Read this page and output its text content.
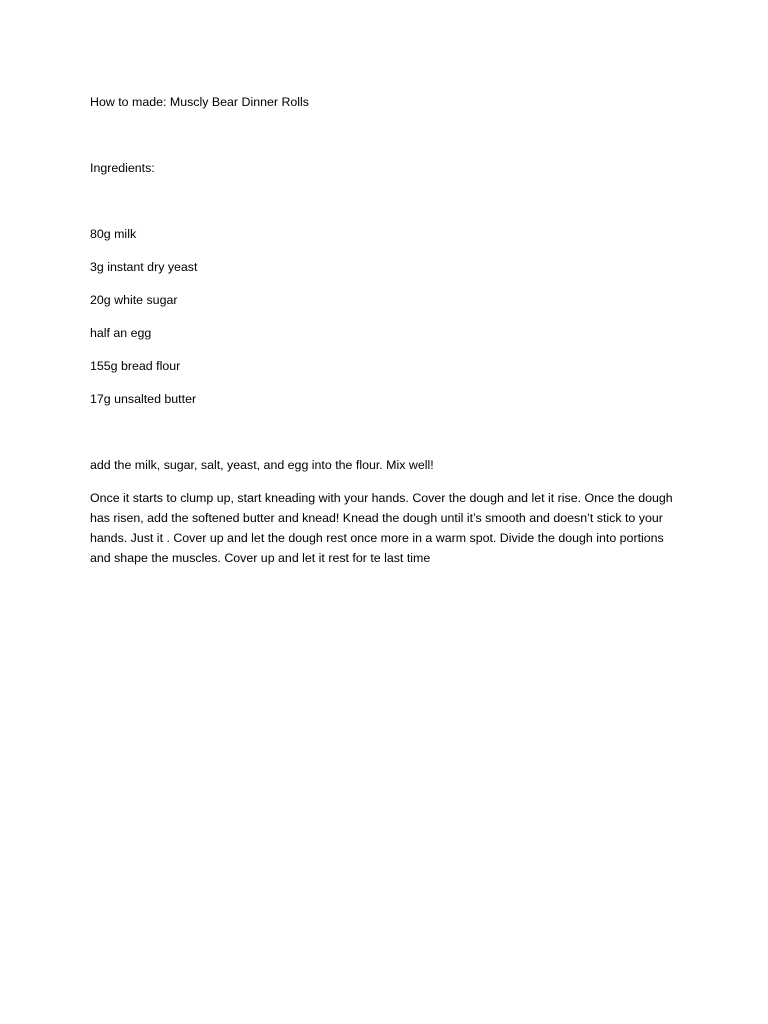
How to made: Muscly Bear Dinner Rolls

Ingredients:

80g milk
3g instant dry yeast
20g white sugar
half an egg
155g bread flour
17g unsalted butter

add the milk, sugar, salt, yeast, and egg into the flour. Mix well!

Once it starts to clump up, start kneading with your hands. Cover the dough and let it rise. Once the dough has risen, add the softened butter and knead! Knead the dough until it’s smooth and doesn’t stick to your hands. Just it . Cover up and let the dough rest once more in a warm spot. Divide the dough into portions and shape the muscles. Cover up and let it rest for te last time
